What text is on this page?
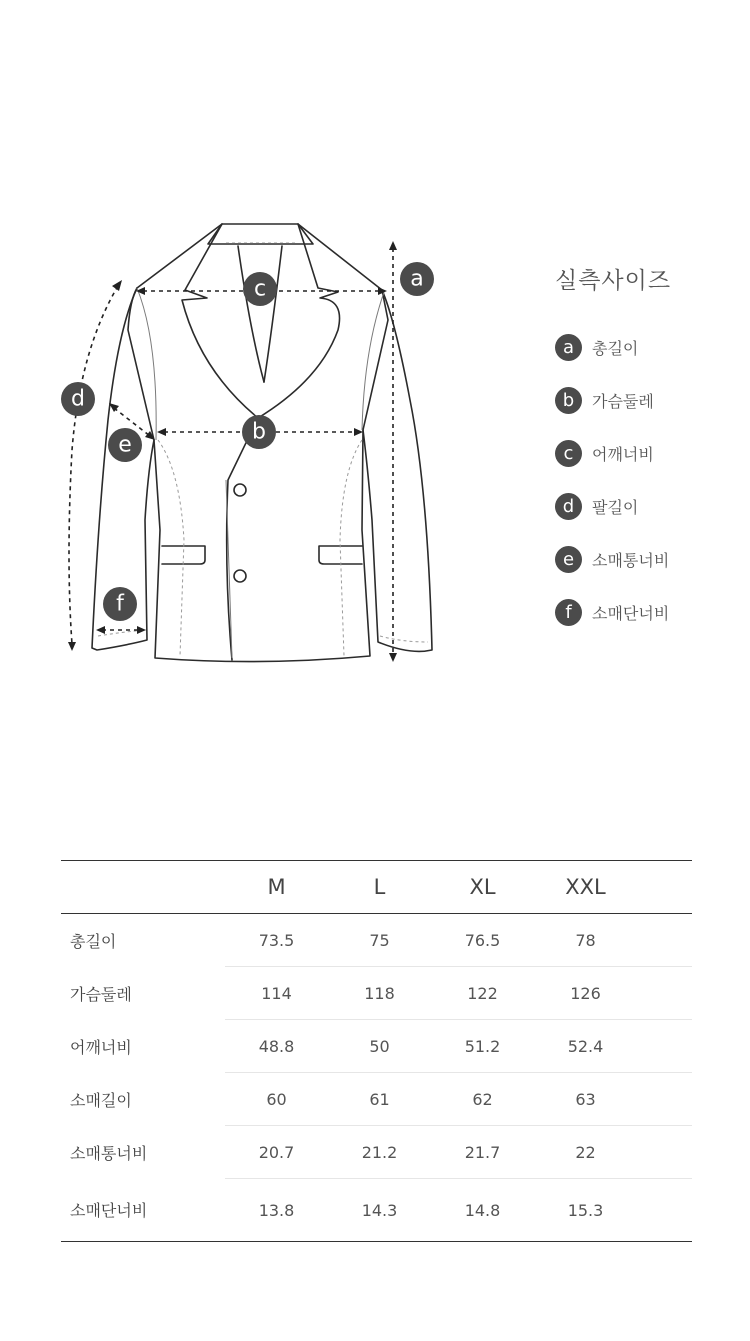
a
b
c
d
e
f
실측사이즈
a	총길이
b	가슴둘레
c	어깨너비
d	팔길이
e	소매통너비
f	소매단너비
	M	L	XL	XXL	
총길이	73.5	75	76.5	78	
가슴둘레	114	118	122	126	
어깨너비	48.8	50	51.2	52.4	
소매길이	60	61	62	63	
소매통너비	20.7	21.2	21.7	22	
소매단너비	13.8	14.3	14.8	15.3	
